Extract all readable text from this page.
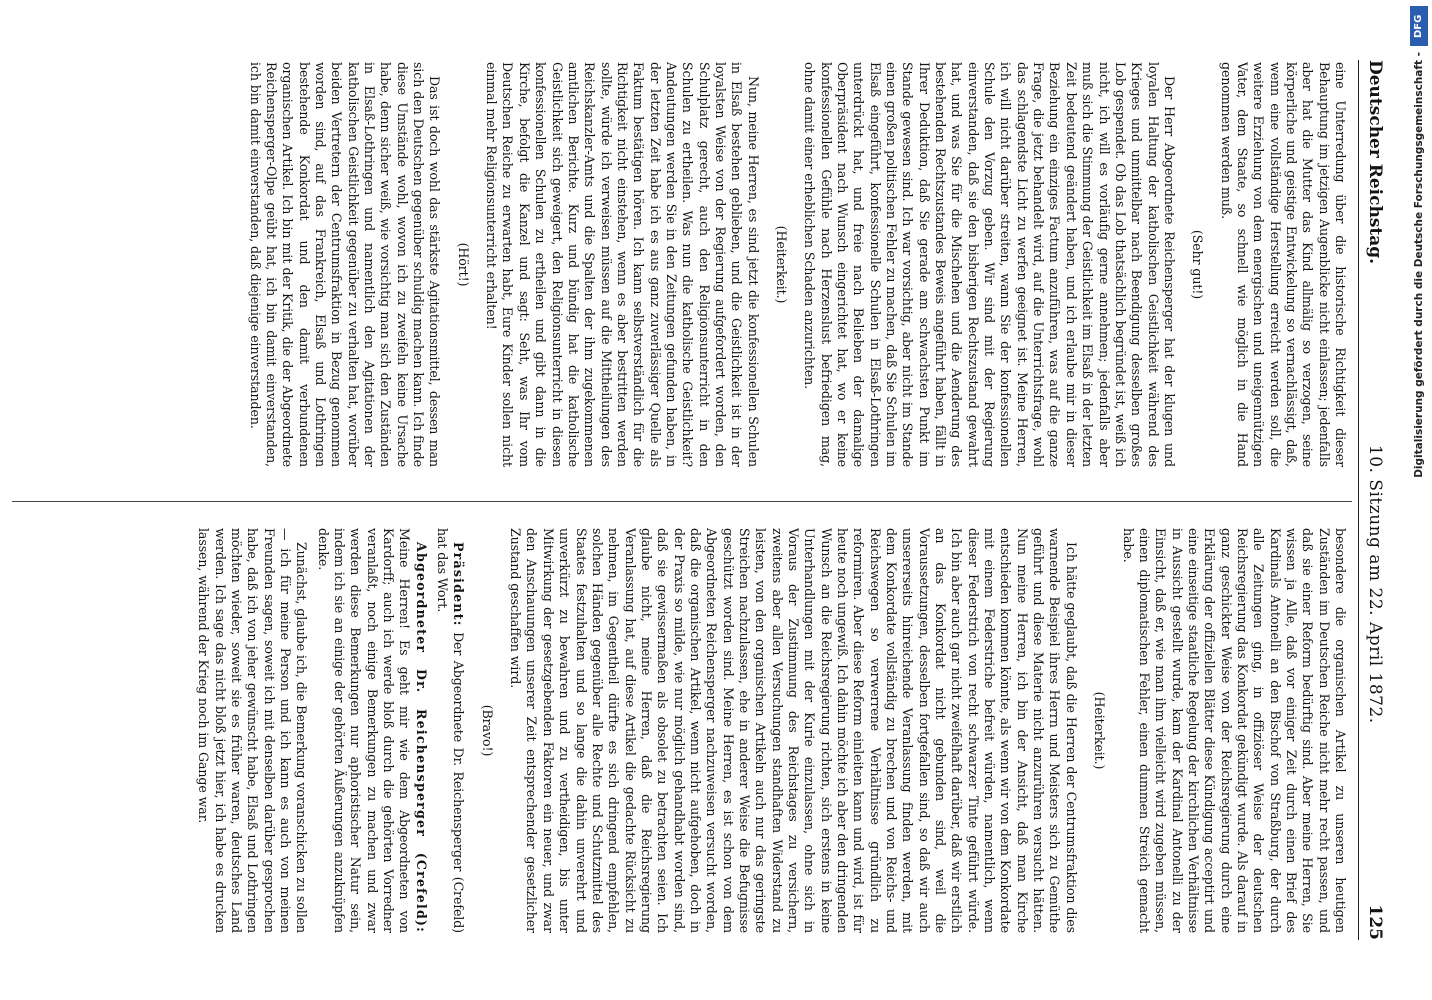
Deutscher Reichstag.
10. Sitzung am 22. April 1872.
125

eine Unterredung über die historische Richtigkeit dieser Behauptung im jetzigen Augenblicke nicht einlassen; jedenfalls aber hat die Mutter das Kind allmälig so verzogen, seine körperliche und geistige Entwickelung so vernachlässigt, daß, wenn eine vollständige Herstellung erreicht werden soll, die weitere Erziehung von dem energischen und uneigennützigen Vater, dem Staate, so schnell wie möglich in die Hand genommen werden muß.

(Sehr gut!)

Der Herr Abgeordnete Reichensperger hat der klugen und loyalen Haltung der katholischen Geistlichkeit während des Krieges und unmittelbar nach Beendigung desselben großes Lob gespendet. Ob das Lob thatsächlich begründet ist, weiß ich nicht, ich will es vorläufig gerne annehmen; jedenfalls aber muß sich die Stimmung der Geistlichkeit im Elsaß in der letzten Zeit bedeutend geändert haben, und ich erlaube mir in dieser Beziehung ein einziges Factum anzuführen, was auf die ganze Frage, die jetzt behandelt wird, auf die Unterrichtsfrage, wohl das schlagendste Licht zu werfen geeignet ist. Meine Herren, ich will nicht darüber streiten, wann Sie der konfessionellen Schule den Vorzug geben. Wir sind mit der Regierung einverstanden, daß sie den bisherigen Rechtszustand gewahrt hat, und was Sie für die Mischehen und die Aenderung des bestehenden Rechtszustandes Beweis angeführt haben, fällt in Ihrer Deduktion, daß Sie gerade am schwachsten Punkt im Stande gewesen sind. Ich war vorsichtig, aber nicht im Stande einen großen politischen Fehler zu machen, daß Sie Schulen im Elsaß eingeführt, konfessionelle Schulen in Elsaß-Lothringen unterdrückt hat, und freie nach Belieben der damalige Oberpräsident nach Wunsch eingerichtet hat, wo er keine konfessionellen Gefühle nach Herzenslust befriedigen mag, ohne damit einer erheblichen Schaden anzurichten.

(Heiterkeit.)

Nun, meine Herren, es sind jetzt die konfessionellen Schulen in Elsaß bestehen geblieben, und die Geistlichkeit ist in der loyalsten Weise von der Regierung aufgefordert worden, den Schulplatz gerecht, auch den Religionsunterricht in den Schulen zu ertheilen. Was nun die katholische Geistlichkeit? Andeutungen werden Sie in den Zeitungen gefunden haben, in der letzten Zeit habe ich es aus ganz zuverlässiger Quelle als Faktum bestätigen hören. Ich kann selbstverständlich für die Richtigkeit nicht einstehen, wenn es aber bestritten werden sollte, würde ich verweisen müssen auf die Mittheilungen des Reichskanzler-Amts und die Spalten der ihm zugekommenen amtlichen Berichte. Kurz und bündig hat die katholische Geistlichkeit sich geweigert, den Religionsunterricht in diesen konfessionellen Schulen zu ertheilen und gibt dann in die Kirche, befolgt die Kanzel und sagt: Seht, was Ihr vom Deutschen Reiche zu erwarten habt, Eure Kinder sollen nicht einmal mehr Religionsunterricht erhalten!

(Hört!)

Das ist doch wohl das stärkste Agitationsmittel, dessen man sich den Deutschen gegenüber schuldig machen kann. Ich finde diese Umstände wohl, wovon ich zu zweifeln keine Ursache habe, denn sicher weiß, wie vorsichtig man sich den Zuständen in Elsaß-Lothringen und namentlich den Agitationen der katholischen Geistlichkeit gegenüber zu verhalten hat, worüber beiden Vertretern der Centrumsfraktion in Bezug genommen worden sind, auf das Frankreich, Elsaß und Lothringen bestehende Konkordat und den damit verbundenen organischen Artikel. Ich bin mit der Kritik, die der Abgeordnete Reichensperger-Olpe geübt hat, ich bin damit einverstanden, ich bin damit einverstanden, daß diejenige einverstanden.

besondere die organischen Artikel zu unseren heutigen Zuständen im Deutschen Reiche nicht mehr recht passen, und daß sie einer Reform bedürftig sind. Aber meine Herren, Sie wissen ja Alle, daß vor einiger Zeit durch einen Brief des Kardinals Antonelli an den Bischof von Straßburg, der durch alle Zeitungen ging, in offiziöser Weise der deutschen Reichsregierung das Konkordat gekündigt wurde. Als darauf in ganz geschickter Weise von der Reichsregierung durch eine Erklärung der offiziellen Blätter diese Kündigung acceptirt und eine einseitige staatliche Regelung der kirchlichen Verhältnisse in Aussicht gestellt wurde, kam der Kardinal Antonelli zu der Einsicht, daß er, wie man ihm vielleicht wird zugeben müssen, einen diplomatischen Fehler, einen dummen Streich gemacht habe.

(Heiterkeit.)

Ich hätte geglaubt, daß die Herren der Centrumsfraktion dies warnende Beispiel ihres Herrn und Meisters sich zu Gemüthe geführt und diese Materie nicht anzurühren versucht hätten. Nun meine Herren, ich bin der Ansicht, daß man Kirche entschieden kommen könnte, als wenn wir von dem Konkordate mit einem Federstriche befreit würden, namentlich, wenn dieser Federstrich von recht schwarzer Tinte geführt würde. Ich bin aber auch gar nicht zweifelhaft darüber, daß wir erstlich an das Konkordat nicht gebunden sind, weil die Voraussetzungen, desselben fortgefallen sind, so daß wir auch unsererseits hinreichende Veranlassung finden werden, mit dem Konkordate vollständig zu brechen und von Reichs- und Reichswegen so verwerrene Verhältnisse gründlich zu reformiren. Aber diese Reform einleiten kann und wird, ist für heute noch ungewiß. Ich dahin möchte ich aber den dringenden Wunsch an die Reichsregierung richten, sich erstens in keine Unterhandlungen mit der Kurie einzulassen, ohne sich in Voraus der Zustimmung des Reichstages zu versichern, zweitens aber allen Versuchungen standhaften Widerstand zu leisten, von den organischen Artikeln auch nur das geringste Streichen nachzulassen, ehe in anderer Weise die Befugnisse geschützt worden sind. Meine Herren, es ist schon von dem Abgeordneten Reichensperger nachzuweisen versucht worden, daß die organischen Artikel, wenn nicht aufgehoben, doch in der Praxis so milde, wie nur möglich gehandhabt worden sind, daß sie gewissermaßen als obsolet zu betrachten seien. Ich glaube nicht, meine Herren, daß die Reichsregierung Veranlassung hat, auf diese Artikel die gedachte Rücksicht zu nehmen, im Gegentheil dürfte es sich dringend empfehlen, solchen Händen gegenüber alle Rechte und Schutzmittel des Staates festzuhalten und so lange die dahin unverehrt und unverkürzt zu bewahren und zu vertheidigen, bis unter Mitwirkung der gesetzgebenden Faktoren ein neuer, und zwar den Anschauungen unserer Zeit entsprechender gesetzlicher Zustand geschaffen wird.

(Bravo!)

Präsident: Der Abgeordnete Dr. Reichensperger (Crefeld) hat das Wort.

Abgeordneter Dr. Reichensperger (Crefeld): Meine Herren! Es geht mir wie dem Abgeordneten von Kardorff; auch ich werde bloß durch die gehörten Vorredner veranlaßt, noch einige Bemerkungen zu machen und zwar werden diese Bemerkungen nur aphoristischer Natur sein, indem ich sie an einige der gehörten Äußerungen anzuknüpfen denke.

Zunächst, glaube ich, die Bemerkung voranschicken zu sollen — ich für meine Person und ich kann es auch von meinen Freunden sagen, soweit ich mit denselben darüber gesprochen habe, daß ich von jeher gewünscht habe, Elsaß und Lothringen möchten wieder, soweit sie es früher waren, deutsches Land werden. Ich sage das nicht bloß jetzt hier, ich habe es drucken lassen, während der Krieg noch im Gange war.

DFG
Digitalisierung gefördert durch die Deutsche Forschungsgemeinschaft -
